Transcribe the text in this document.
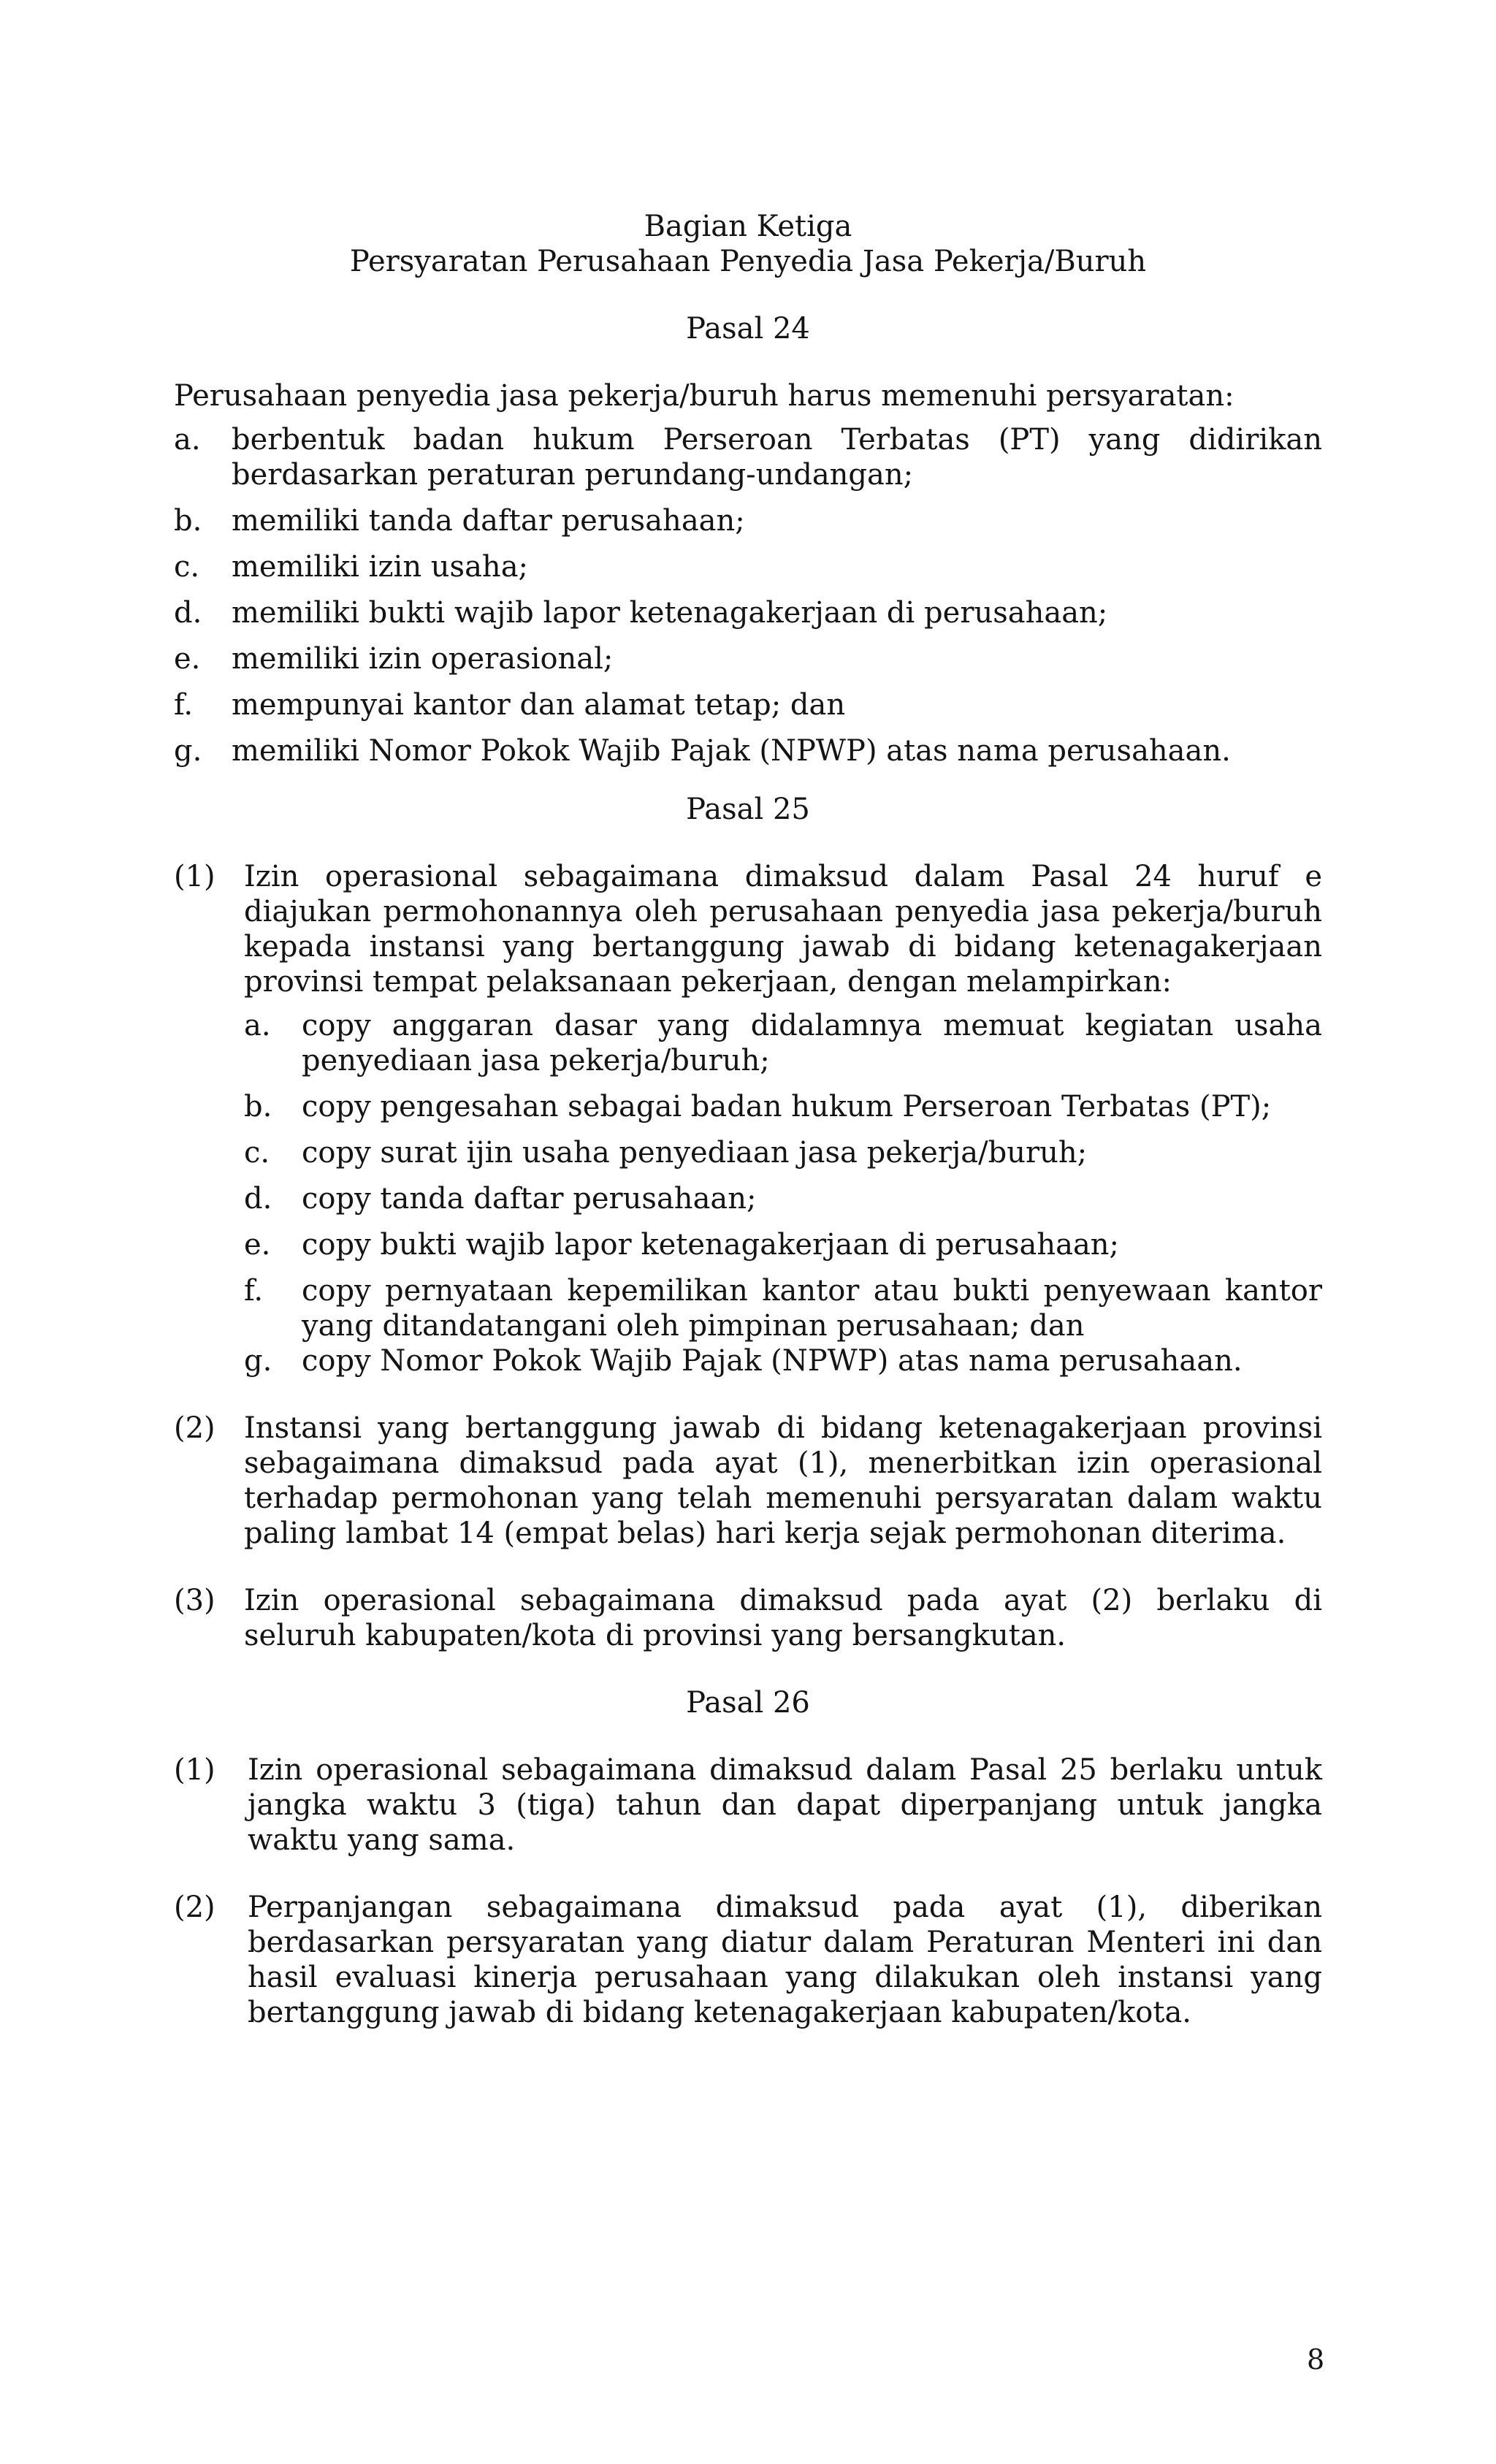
Bagian Ketiga
Persyaratan Perusahaan Penyedia Jasa Pekerja/Buruh
Pasal 24
Perusahaan penyedia jasa pekerja/buruh harus memenuhi persyaratan:
a.	berbentuk badan hukum Perseroan Terbatas (PT) yang didirikan berdasarkan peraturan perundang-undangan;
b.	memiliki tanda daftar perusahaan;
c.	memiliki izin usaha;
d.	memiliki bukti wajib lapor ketenagakerjaan di perusahaan;
e.	memiliki izin operasional;
f.	mempunyai kantor dan alamat tetap; dan
g.	memiliki Nomor Pokok Wajib Pajak (NPWP) atas nama perusahaan.
Pasal 25
(1) Izin operasional sebagaimana dimaksud dalam Pasal 24 huruf e diajukan permohonannya oleh perusahaan penyedia jasa pekerja/buruh kepada instansi yang bertanggung jawab di bidang ketenagakerjaan provinsi tempat pelaksanaan pekerjaan, dengan melampirkan:
a.	copy anggaran dasar yang didalamnya memuat kegiatan usaha penyediaan jasa pekerja/buruh;
b.	copy pengesahan sebagai badan hukum Perseroan Terbatas (PT);
c.	copy surat ijin usaha penyediaan jasa pekerja/buruh;
d.	copy tanda daftar perusahaan;
e.	copy bukti wajib lapor ketenagakerjaan di perusahaan;
f.	copy pernyataan kepemilikan kantor atau bukti penyewaan kantor yang ditandatangani oleh pimpinan perusahaan; dan
g.	copy Nomor Pokok Wajib Pajak (NPWP) atas nama perusahaan.
(2) Instansi yang bertanggung jawab di bidang ketenagakerjaan provinsi sebagaimana dimaksud pada ayat (1), menerbitkan izin operasional terhadap permohonan yang telah memenuhi persyaratan dalam waktu paling lambat 14 (empat belas) hari kerja sejak permohonan diterima.
(3) Izin operasional sebagaimana dimaksud pada ayat (2) berlaku di seluruh kabupaten/kota di provinsi yang bersangkutan.
Pasal 26
(1)	Izin operasional sebagaimana dimaksud dalam Pasal 25 berlaku untuk jangka waktu 3 (tiga) tahun dan dapat diperpanjang untuk jangka waktu yang sama.
(2)	Perpanjangan sebagaimana dimaksud pada ayat (1), diberikan berdasarkan persyaratan yang diatur dalam Peraturan Menteri ini dan hasil evaluasi kinerja perusahaan yang dilakukan oleh instansi yang bertanggung jawab di bidang ketenagakerjaan kabupaten/kota.
8
